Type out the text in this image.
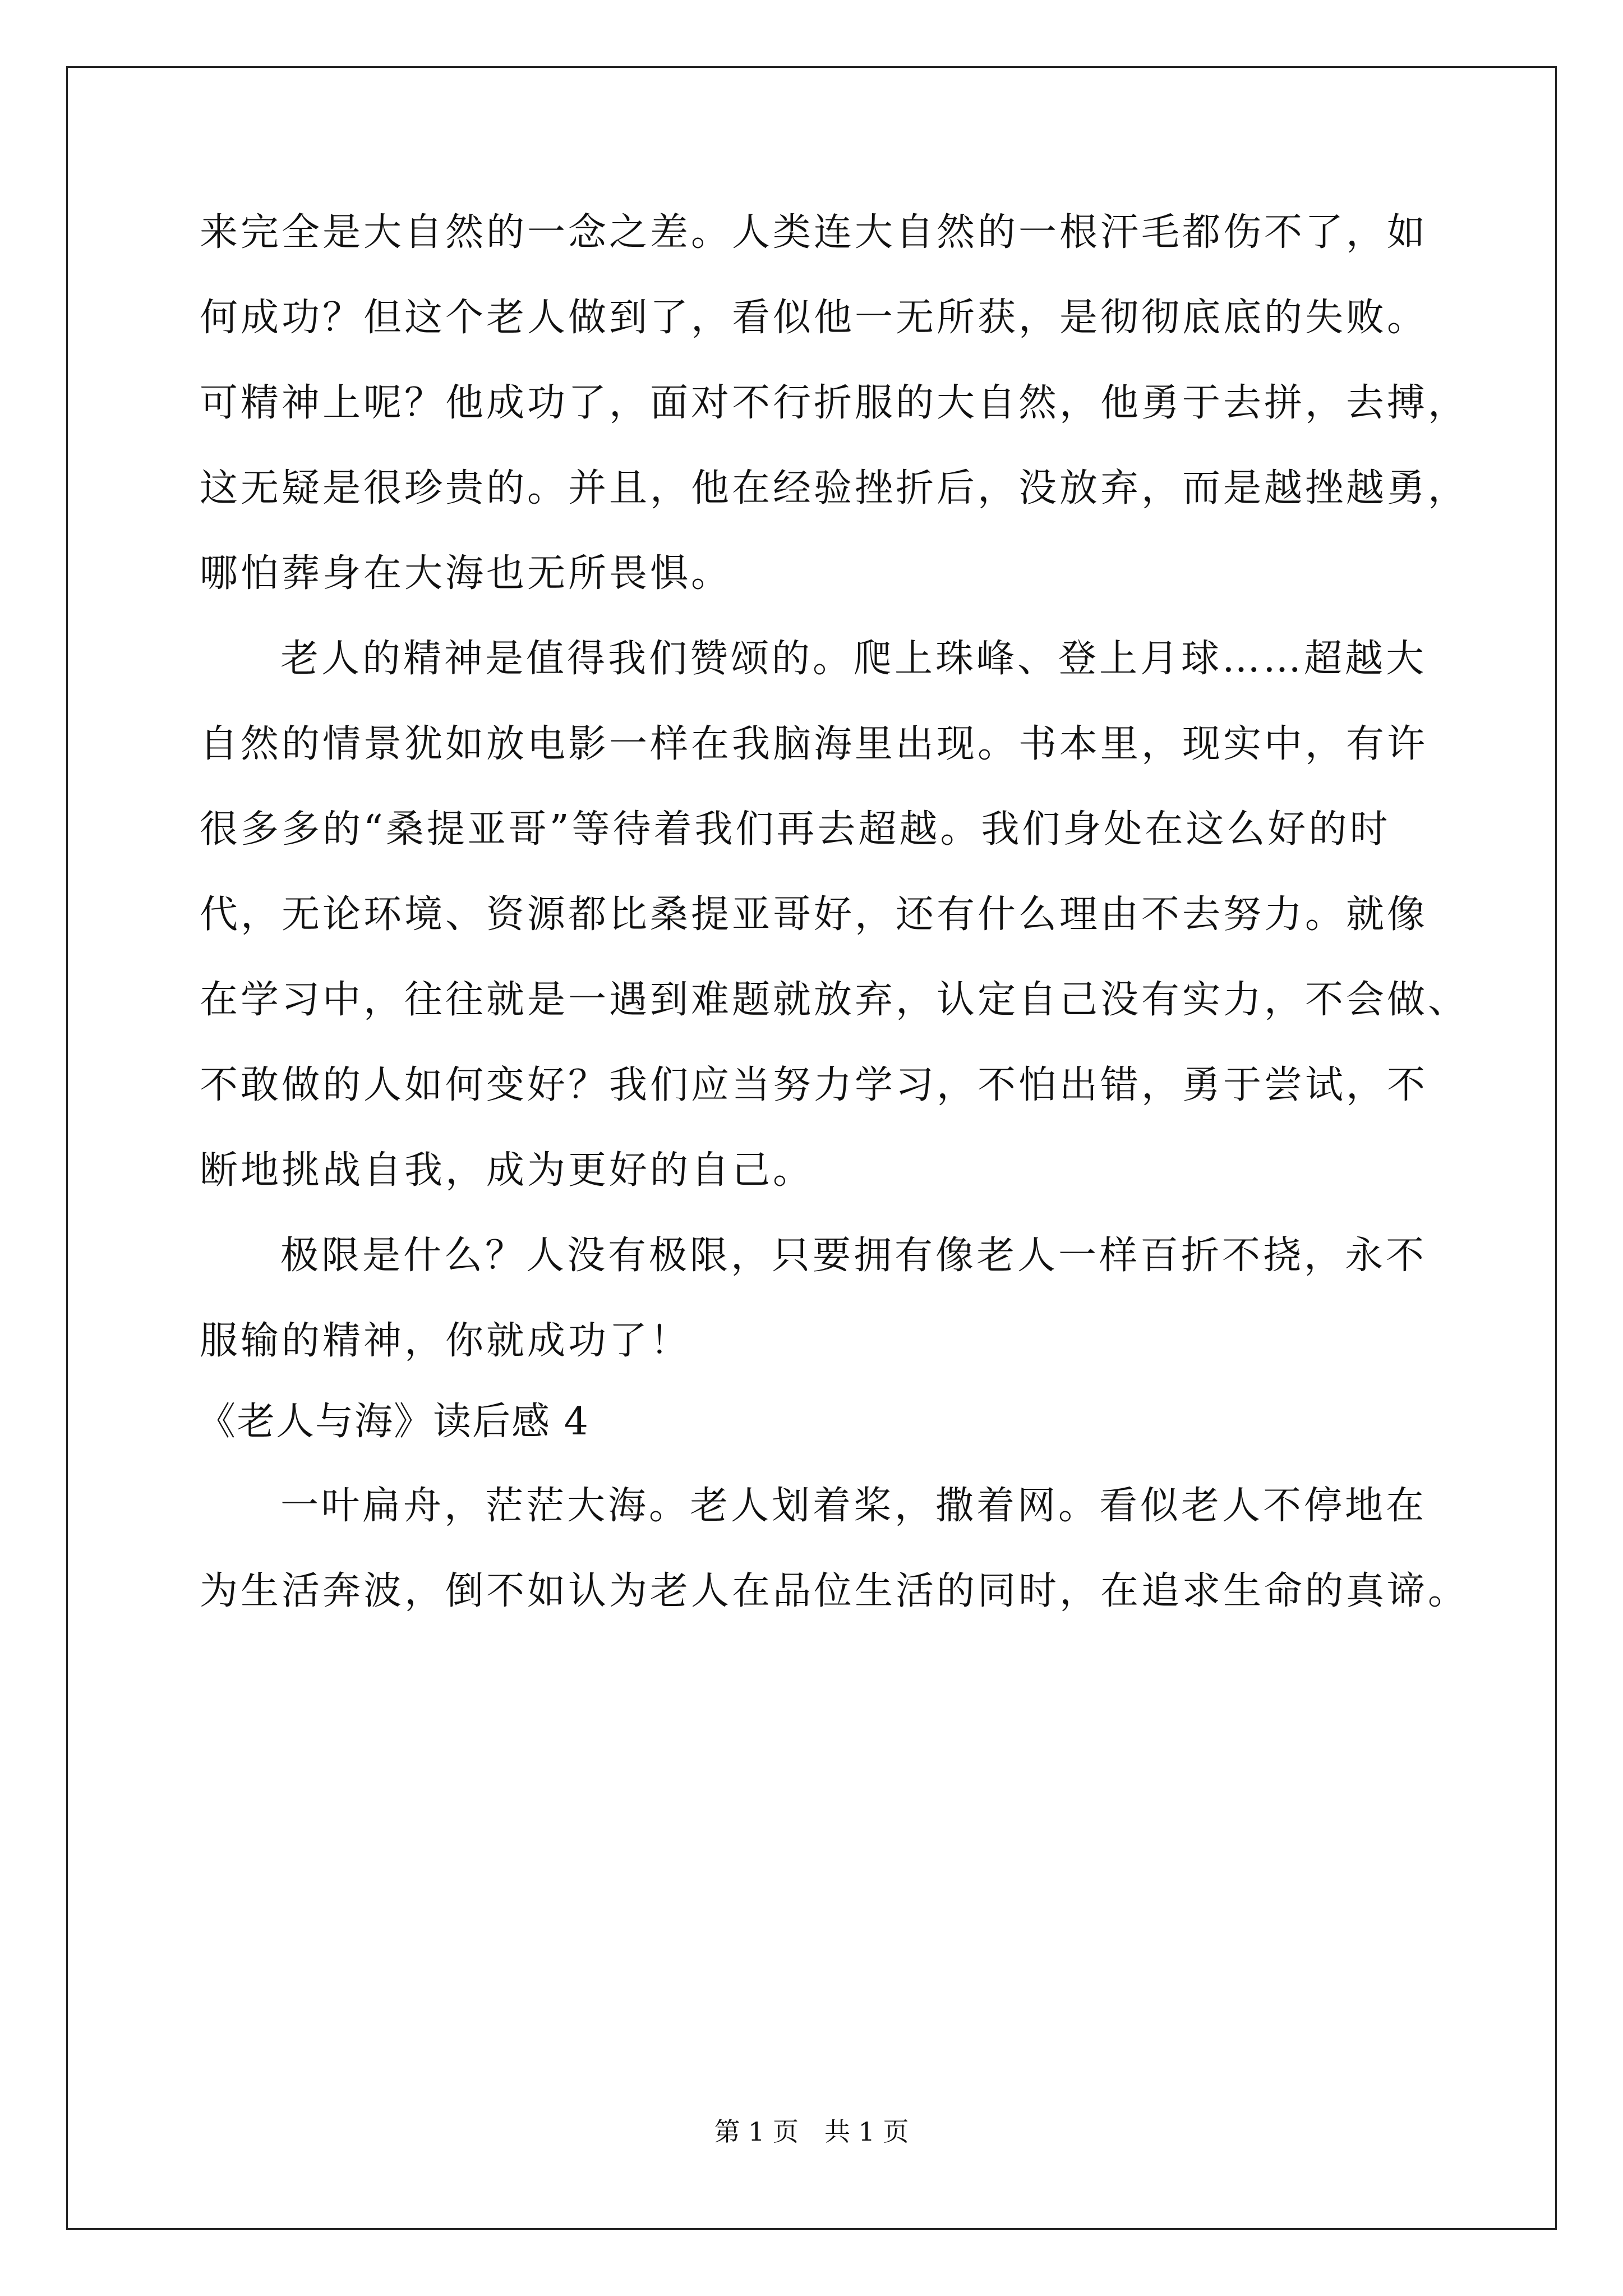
来完全是大自然的一念之差。人类连大自然的一根汗毛都伤不了，如
何成功？但这个老人做到了，看似他一无所获，是彻彻底底的失败。
可精神上呢？他成功了，面对不行折服的大自然，他勇于去拼，去搏，
这无疑是很珍贵的。并且，他在经验挫折后，没放弃，而是越挫越勇，
哪怕葬身在大海也无所畏惧。
老人的精神是值得我们赞颂的。爬上珠峰、登上月球……超越大
自然的情景犹如放电影一样在我脑海里出现。书本里，现实中，有许
很多多的“桑提亚哥”等待着我们再去超越。我们身处在这么好的时
代，无论环境、资源都比桑提亚哥好，还有什么理由不去努力。就像
在学习中，往往就是一遇到难题就放弃，认定自己没有实力，不会做、
不敢做的人如何变好？我们应当努力学习，不怕出错，勇于尝试，不
断地挑战自我，成为更好的自己。
极限是什么？人没有极限，只要拥有像老人一样百折不挠，永不
服输的精神，你就成功了！
《老人与海》读后感 4
一叶扁舟，茫茫大海。老人划着桨，撒着网。看似老人不停地在
为生活奔波，倒不如认为老人在品位生活的同时，在追求生命的真谛。
第 1 页　共 1 页
